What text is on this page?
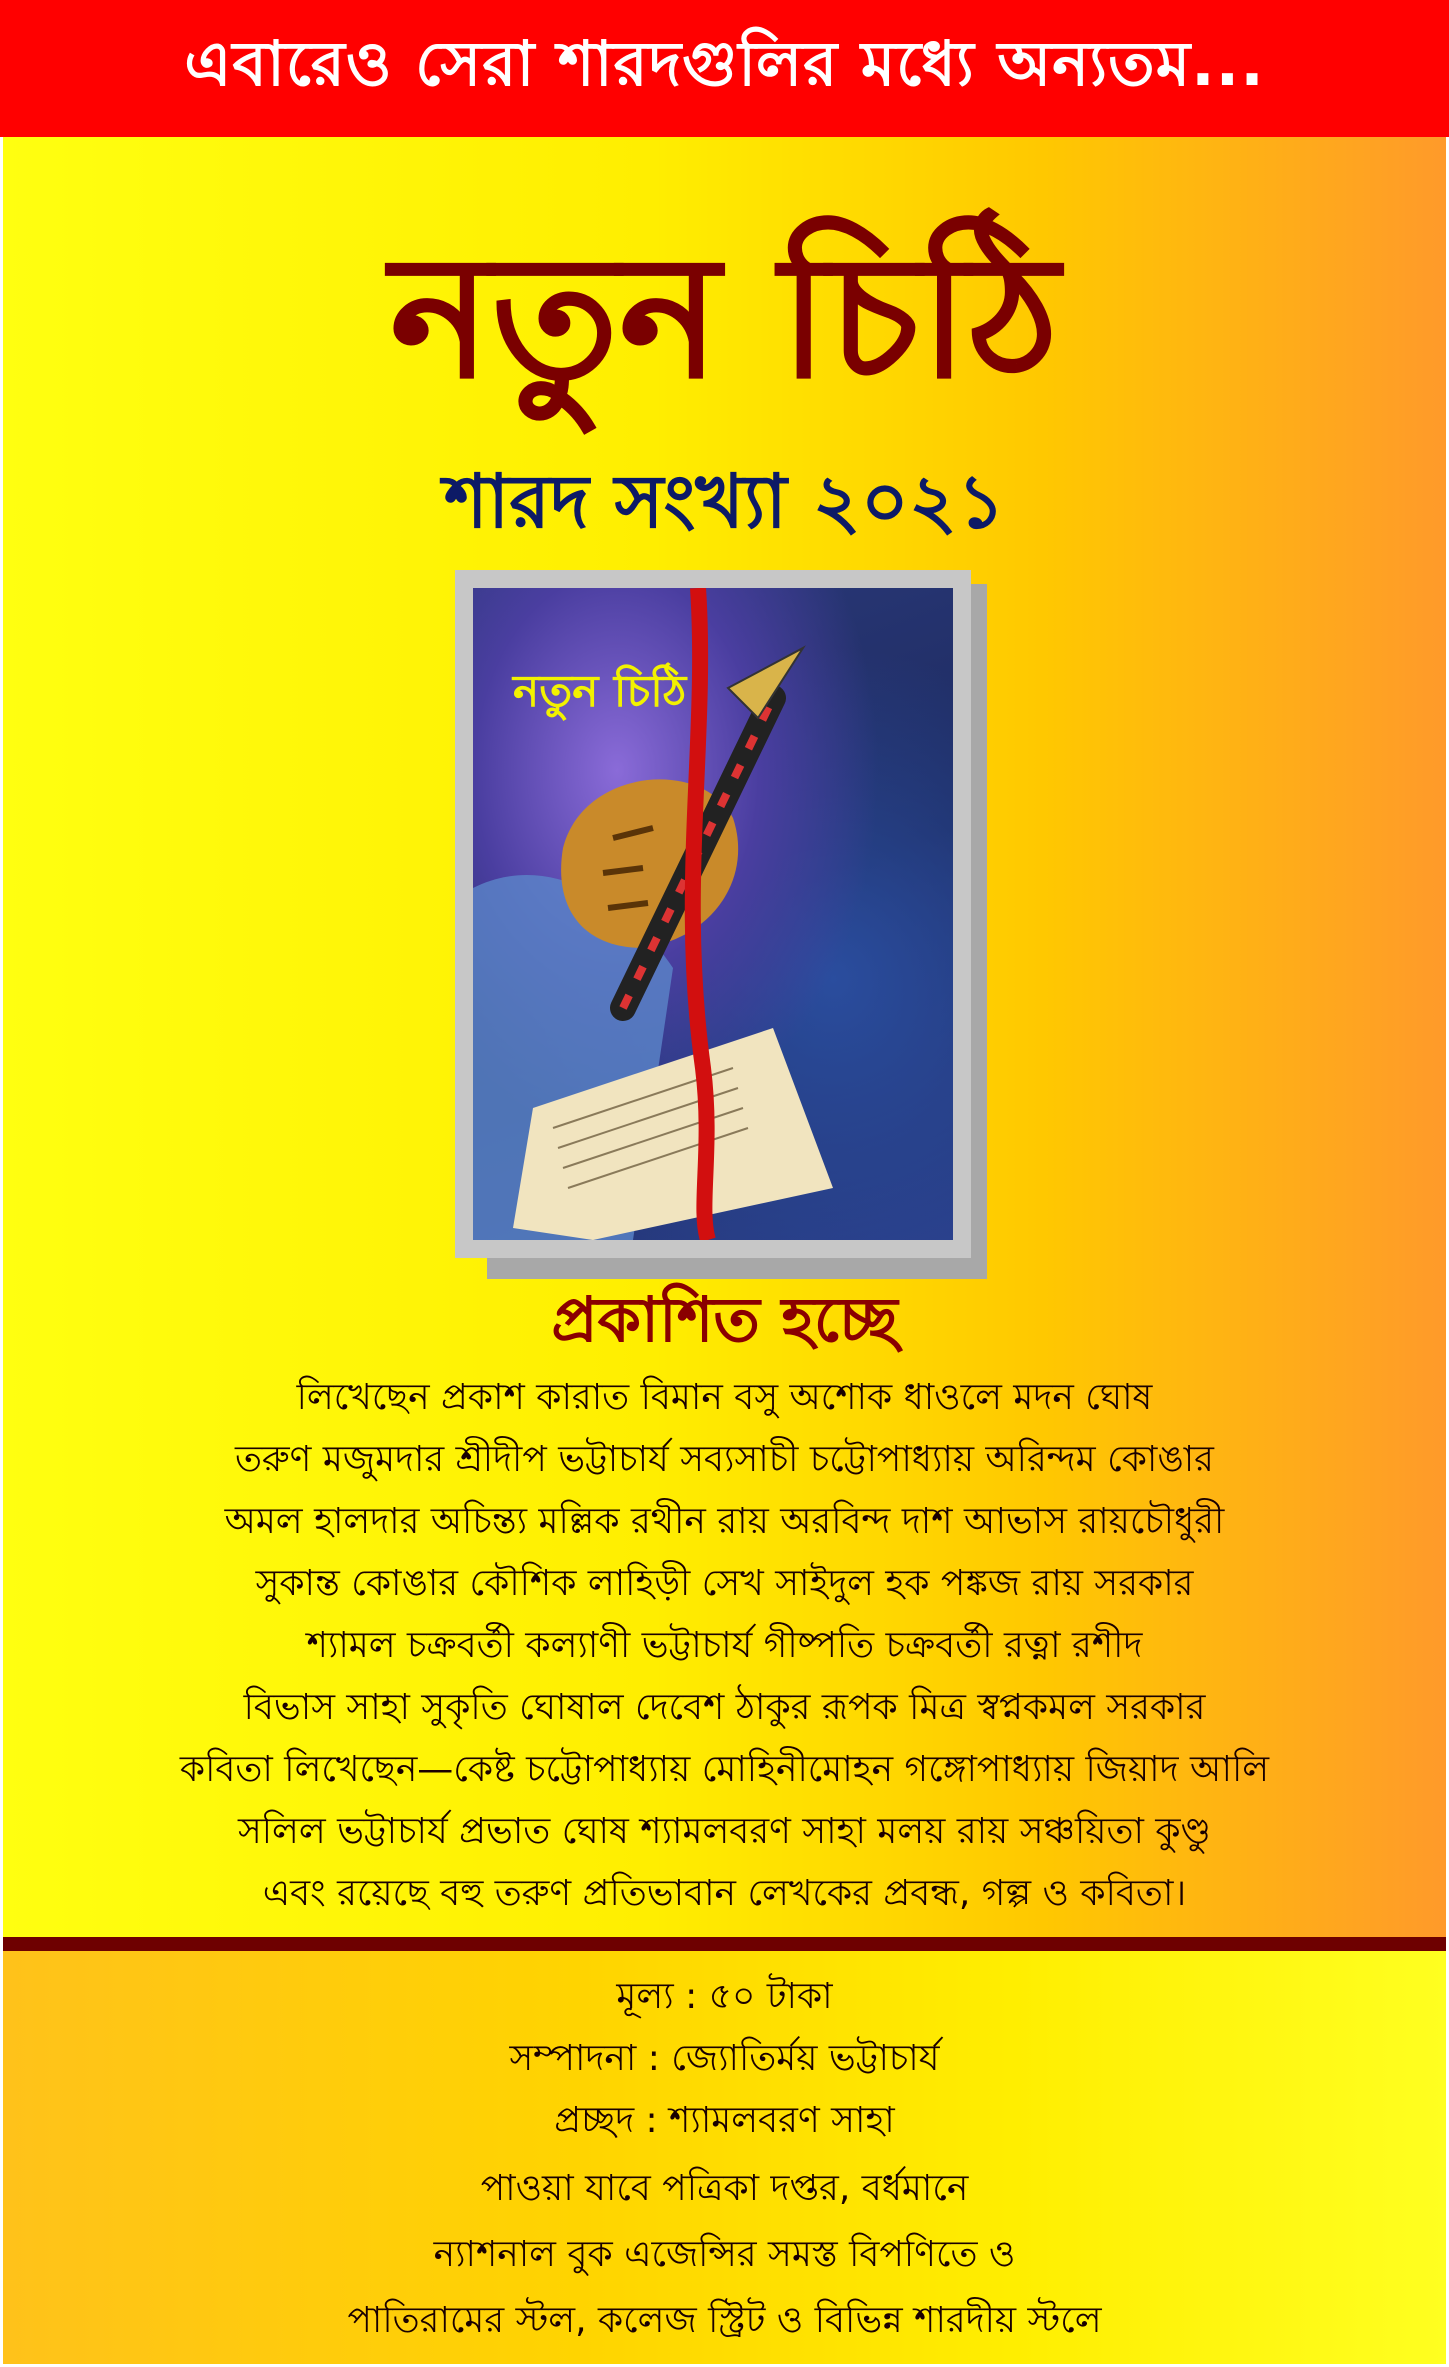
এবারেও সেরা শারদগুলির মধ্যে অন্যতম...
নতুন চিঠি
শারদ সংখ্যা ২০২১
নতুন চিঠি
প্রকাশিত হচ্ছে
লিখেছেন প্রকাশ কারাত বিমান বসু অশোক ধাওলে মদন ঘোষ
তরুণ মজুমদার শ্রীদীপ ভট্টাচার্য সব্যসাচী চট্টোপাধ্যায় অরিন্দম কোঙার
অমল হালদার অচিন্ত্য মল্লিক রথীন রায় অরবিন্দ দাশ আভাস রায়চৌধুরী
সুকান্ত কোঙার কৌশিক লাহিড়ী সেখ সাইদুল হক পঙ্কজ রায় সরকার
শ্যামল চক্রবর্তী কল্যাণী ভট্টাচার্য গীষ্পতি চক্রবর্তী রত্না রশীদ
বিভাস সাহা সুকৃতি ঘোষাল দেবেশ ঠাকুর রূপক মিত্র স্বপ্নকমল সরকার
কবিতা লিখেছেন—কেষ্ট চট্টোপাধ্যায় মোহিনীমোহন গঙ্গোপাধ্যায় জিয়াদ আলি
সলিল ভট্টাচার্য প্রভাত ঘোষ শ্যামলবরণ সাহা মলয় রায় সঞ্চয়িতা কুণ্ডু
এবং রয়েছে বহু তরুণ প্রতিভাবান লেখকের প্রবন্ধ, গল্প ও কবিতা।
মূল্য : ৫০ টাকা
সম্পাদনা : জ্যোতির্ময় ভট্টাচার্য
প্রচ্ছদ : শ্যামলবরণ সাহা
পাওয়া যাবে পত্রিকা দপ্তর, বর্ধমানে
ন্যাশনাল বুক এজেন্সির সমস্ত বিপণিতে ও
পাতিরামের স্টল, কলেজ স্ট্রিট ও বিভিন্ন শারদীয় স্টলে
